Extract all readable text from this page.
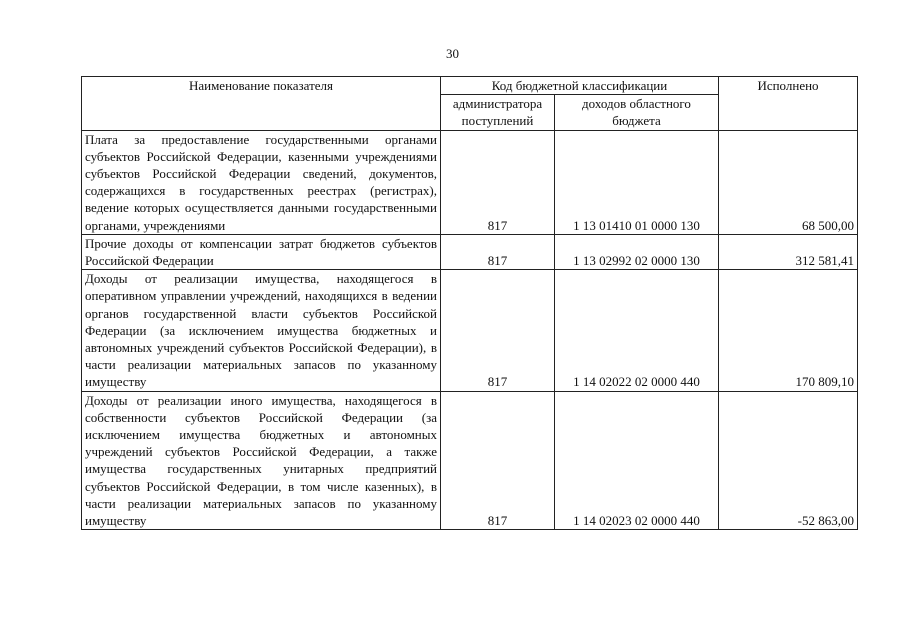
30
Наименование показателя	Код бюджетной классификации		Исполнено
	администратора поступлений	доходов областного бюджета	
Плата за предоставление государственными органами субъектов Российской Федерации, казенными учреждениями субъектов Российской Федерации сведений, документов, содержащихся в государственных реестрах (регистрах), ведение которых осуществляется данными государственными органами, учреждениями	817	1 13 01410 01 0000 130	68 500,00
Прочие доходы от компенсации затрат бюджетов субъектов Российской Федерации	817	1 13 02992 02 0000 130	312 581,41
Доходы от реализации имущества, находящегося в оперативном управлении учреждений, находящихся в ведении органов государственной власти субъектов Российской Федерации (за исключением имущества бюджетных и автономных учреждений субъектов Российской Федерации), в части реализации материальных запасов по указанному имуществу	817	1 14 02022 02 0000 440	170 809,10
Доходы от реализации иного имущества, находящегося в собственности субъектов Российской Федерации (за исключением имущества бюджетных и автономных учреждений субъектов Российской Федерации, а также имущества государственных унитарных предприятий субъектов Российской Федерации, в том числе казенных), в части реализации материальных запасов по указанному имуществу	817	1 14 02023 02 0000 440	-52 863,00
